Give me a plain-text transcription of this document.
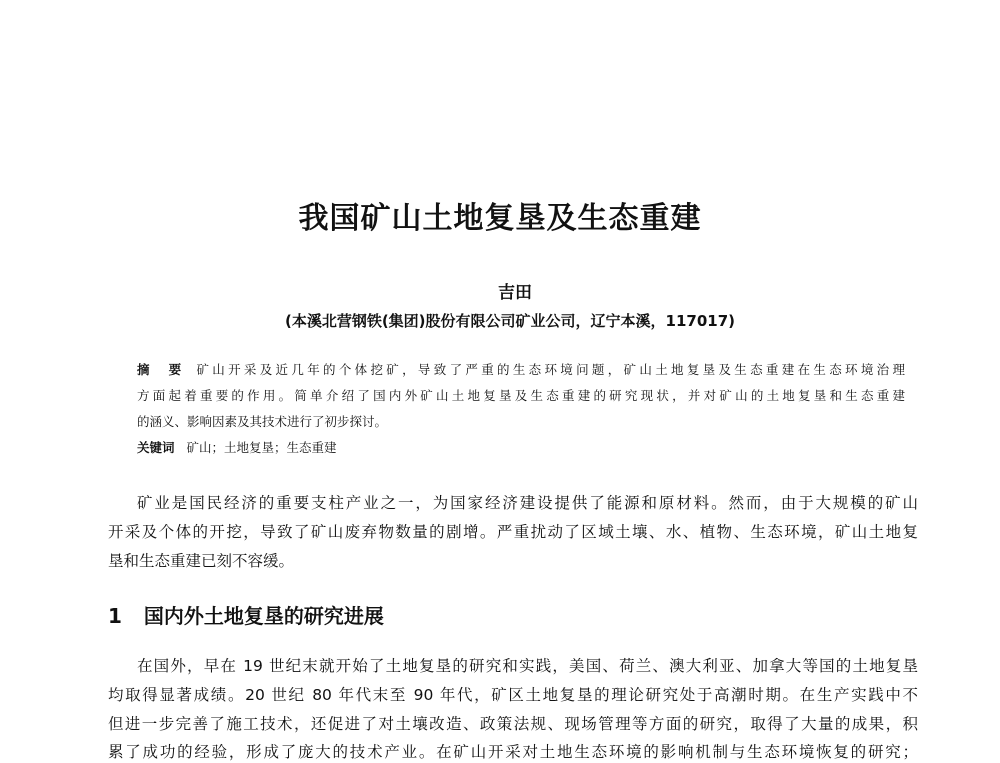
我国矿山土地复垦及生态重建
吉田
(本溪北营钢铁(集团)股份有限公司矿业公司，辽宁本溪，117017)
摘　要 矿山开采及近几年的个体挖矿，导致了严重的生态环境问题，矿山土地复垦及生态重建在生态环境治理
方面起着重要的作用。简单介绍了国内外矿山土地复垦及生态重建的研究现状，并对矿山的土地复垦和生态重建
的涵义、影响因素及其技术进行了初步探讨。
关键词 矿山；土地复垦；生态重建
矿业是国民经济的重要支柱产业之一，为国家经济建设提供了能源和原材料。然而，由于大规模的矿山
开采及个体的开挖，导致了矿山废弃物数量的剧增。严重扰动了区域土壤、水、植物、生态环境，矿山土地复
垦和生态重建已刻不容缓。
1 国内外土地复垦的研究进展
在国外，早在 19 世纪末就开始了土地复垦的研究和实践，美国、荷兰、澳大利亚、加拿大等国的土地复垦
均取得显著成绩。20 世纪 80 年代末至 90 年代，矿区土地复垦的理论研究处于高潮时期。在生产实践中不
但进一步完善了施工技术，还促进了对土壤改造、政策法规、现场管理等方面的研究，取得了大量的成果，积
累了成功的经验，形成了庞大的技术产业。在矿山开采对土地生态环境的影响机制与生态环境恢复的研究；
